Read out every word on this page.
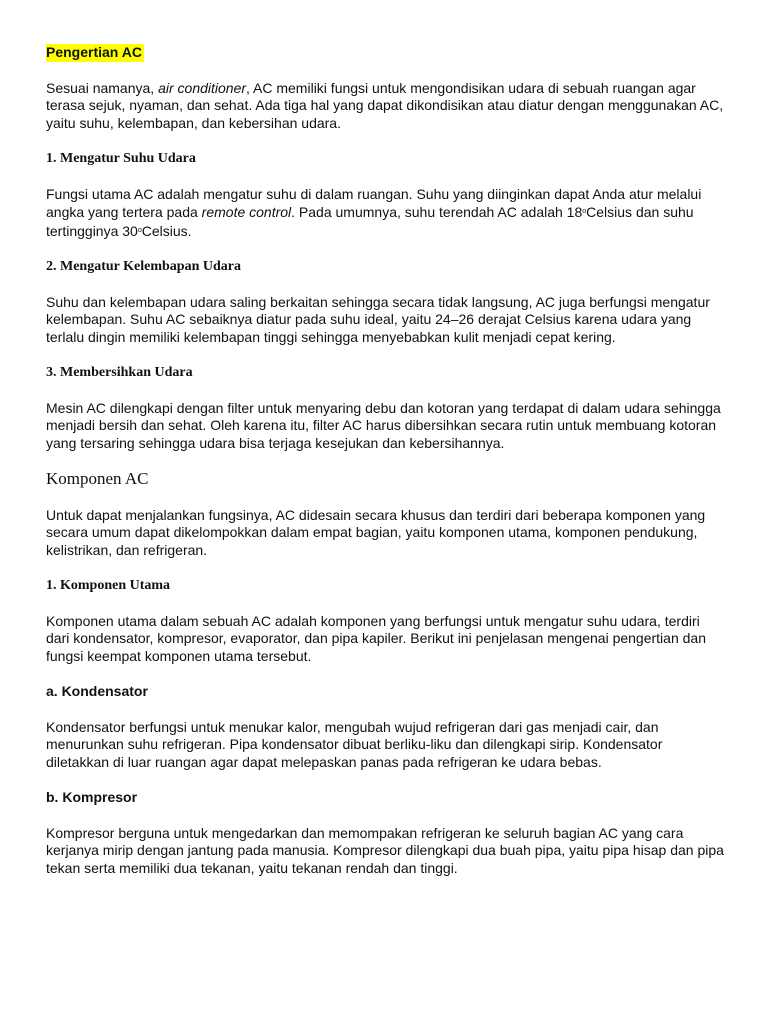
Pengertian AC

Sesuai namanya, air conditioner, AC memiliki fungsi untuk mengondisikan udara di sebuah ruangan agar terasa sejuk, nyaman, dan sehat. Ada tiga hal yang dapat dikondisikan atau diatur dengan menggunakan AC, yaitu suhu, kelembapan, dan kebersihan udara.

1. Mengatur Suhu Udara

Fungsi utama AC adalah mengatur suhu di dalam ruangan. Suhu yang diinginkan dapat Anda atur melalui angka yang tertera pada remote control. Pada umumnya, suhu terendah AC adalah 18$^o$Celsius dan suhu tertingginya 30$^o$Celsius.

2. Mengatur Kelembapan Udara

Suhu dan kelembapan udara saling berkaitan sehingga secara tidak langsung, AC juga berfungsi mengatur kelembapan. Suhu AC sebaiknya diatur pada suhu ideal, yaitu 24–26 derajat Celsius karena udara yang terlalu dingin memiliki kelembapan tinggi sehingga menyebabkan kulit menjadi cepat kering.

3. Membersihkan Udara

Mesin AC dilengkapi dengan filter untuk menyaring debu dan kotoran yang terdapat di dalam udara sehingga menjadi bersih dan sehat. Oleh karena itu, filter AC harus dibersihkan secara rutin untuk membuang kotoran yang tersaring sehingga udara bisa terjaga kesejukan dan kebersihannya.

Komponen AC

Untuk dapat menjalankan fungsinya, AC didesain secara khusus dan terdiri dari beberapa komponen yang secara umum dapat dikelompokkan dalam empat bagian, yaitu komponen utama, komponen pendukung, kelistrikan, dan refrigeran.

1. Komponen Utama

Komponen utama dalam sebuah AC adalah komponen yang berfungsi untuk mengatur suhu udara, terdiri dari kondensator, kompresor, evaporator, dan pipa kapiler. Berikut ini penjelasan mengenai pengertian dan fungsi keempat komponen utama tersebut.

a. Kondensator

Kondensator berfungsi untuk menukar kalor, mengubah wujud refrigeran dari gas menjadi cair, dan menurunkan suhu refrigeran. Pipa kondensator dibuat berliku-liku dan dilengkapi sirip. Kondensator diletakkan di luar ruangan agar dapat melepaskan panas pada refrigeran ke udara bebas.

b. Kompresor

Kompresor berguna untuk mengedarkan dan memompakan refrigeran ke seluruh bagian AC yang cara kerjanya mirip dengan jantung pada manusia. Kompresor dilengkapi dua buah pipa, yaitu pipa hisap dan pipa tekan serta memiliki dua tekanan, yaitu tekanan rendah dan tinggi.
